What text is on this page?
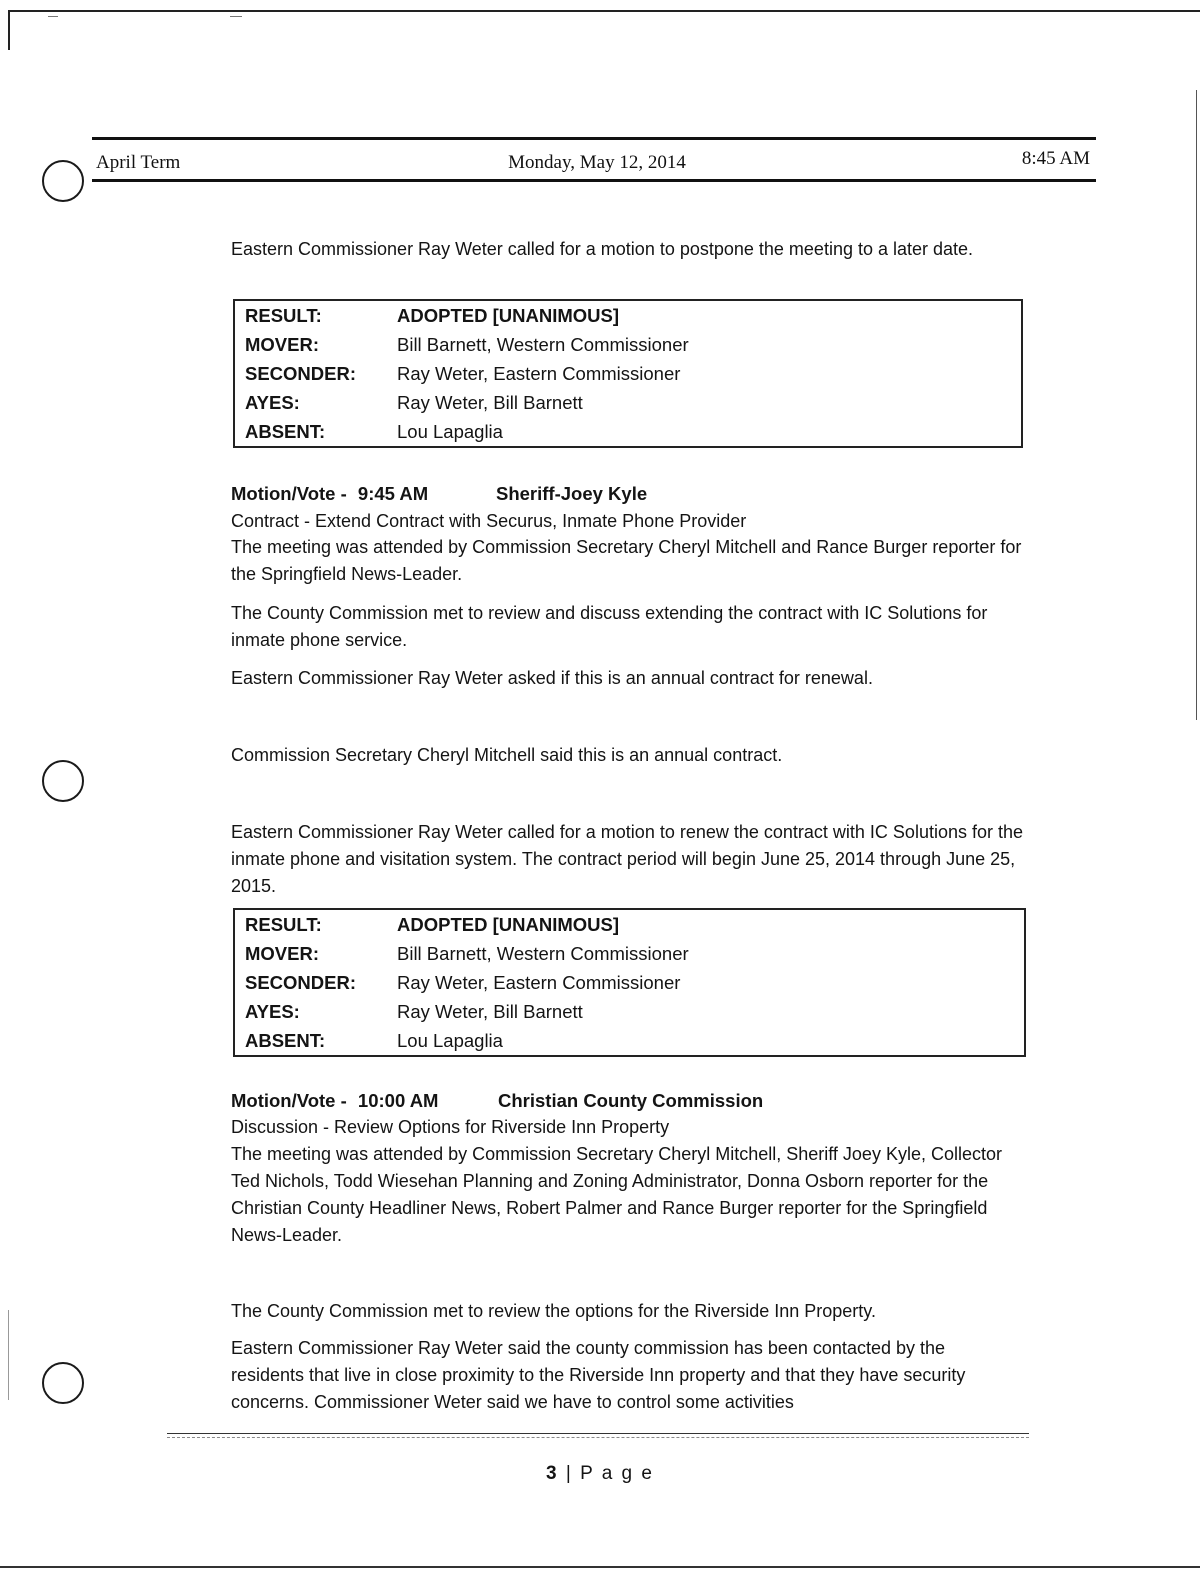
April Term	Monday, May 12, 2014	8:45 AM

Eastern Commissioner Ray Weter called for a motion to postpone the meeting to a later date.

RESULT:	ADOPTED [UNANIMOUS]
MOVER:	Bill Barnett, Western Commissioner
SECONDER:	Ray Weter, Eastern Commissioner
AYES:	Ray Weter, Bill Barnett
ABSENT:	Lou Lapaglia
Motion/Vote - 9:45 AM	Sheriff-Joey Kyle

Contract - Extend Contract with Securus, Inmate Phone Provider

The meeting was attended by Commission Secretary Cheryl Mitchell and Rance Burger reporter for the Springfield News-Leader.

The County Commission met to review and discuss extending the contract with IC Solutions for inmate phone service.

Eastern Commissioner Ray Weter asked if this is an annual contract for renewal.

Commission Secretary Cheryl Mitchell said this is an annual contract.

Eastern Commissioner Ray Weter called for a motion to renew the contract with IC Solutions for the inmate phone and visitation system. The contract period will begin June 25, 2014 through June 25, 2015.

RESULT:	ADOPTED [UNANIMOUS]
MOVER:	Bill Barnett, Western Commissioner
SECONDER:	Ray Weter, Eastern Commissioner
AYES:	Ray Weter, Bill Barnett
ABSENT:	Lou Lapaglia
Motion/Vote - 10:00 AM	Christian County Commission

Discussion - Review Options for Riverside Inn Property

The meeting was attended by Commission Secretary Cheryl Mitchell, Sheriff Joey Kyle, Collector Ted Nichols, Todd Wiesehan Planning and Zoning Administrator, Donna Osborn reporter for the Christian County Headliner News, Robert Palmer and Rance Burger reporter for the Springfield News-Leader.

The County Commission met to review the options for the Riverside Inn Property.

Eastern Commissioner Ray Weter said the county commission has been contacted by the residents that live in close proximity to the Riverside Inn property and that they have security concerns. Commissioner Weter said we have to control some activities

3 | P a g e
